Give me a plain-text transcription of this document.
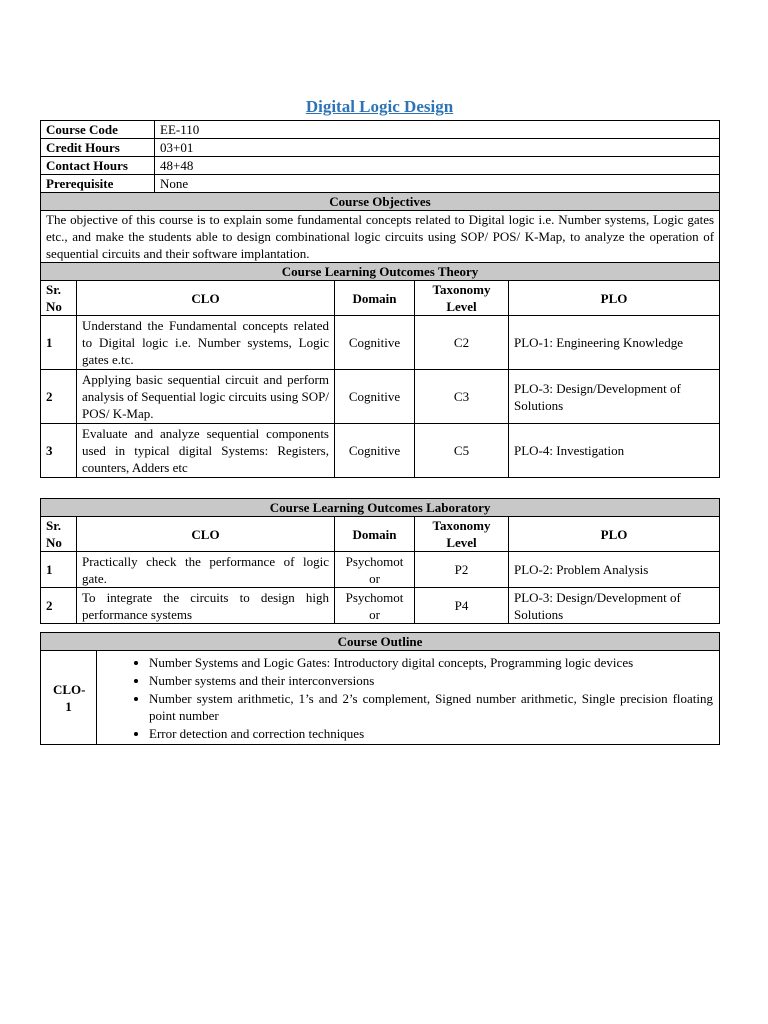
Digital Logic Design
Course Code		EE-110			
Credit Hours		03+01			
Contact Hours		48+48			
Prerequisite		None			
Course Objectives					
The objective of this course is to explain some fundamental concepts related to Digital logic i.e. Number systems, Logic gates etc., and make the students able to design combinational logic circuits using SOP/ POS/ K-Map, to analyze the operation of sequential circuits and their software implantation.					
Course Learning Outcomes Theory					
Sr. No	CLO		Domain	Taxonomy Level	PLO
1	Understand the Fundamental concepts related to Digital logic i.e. Number systems, Logic gates e.tc.		Cognitive	C2	PLO-1: Engineering Knowledge
2	Applying basic sequential circuit and perform analysis of Sequential logic circuits using SOP/ POS/ K-Map.		Cognitive	C3	PLO-3: Design/Development of Solutions
3	Evaluate and analyze sequential components used in typical digital Systems: Registers, counters, Adders etc		Cognitive	C5	PLO-4: Investigation
Course Learning Outcomes Laboratory				
Sr. No	CLO	Domain	Taxonomy Level	PLO
1	Practically check the performance of logic gate.	Psychomot or	P2	PLO-2: Problem Analysis
2	To integrate the circuits to design high performance systems	Psychomot or	P4	PLO-3: Design/Development of Solutions
Course Outline
CLO-1	
• Number Systems and Logic Gates: Introductory digital concepts, Programming logic devices
• Number systems and their interconversions
• Number system arithmetic, 1’s and 2’s complement, Signed number arithmetic, Single precision floating point number
• Error detection and correction techniques
